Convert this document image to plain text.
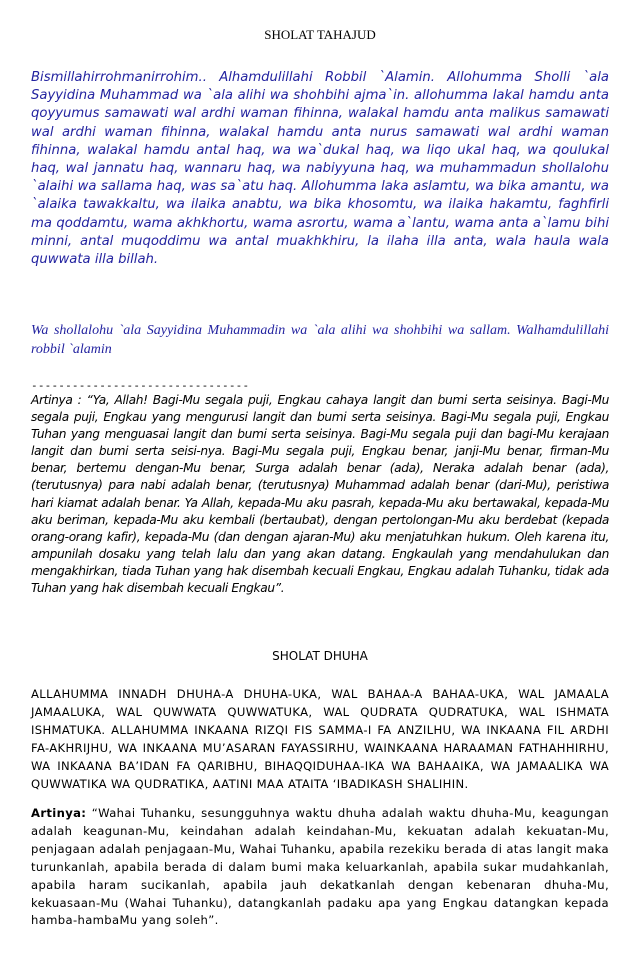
SHOLAT TAHAJUD

Bismillahirrohmanirrohim.. Alhamdulillahi Robbil `Alamin. Allohumma Sholli `ala Sayyidina Muhammad wa `ala alihi wa shohbihi ajma`in. allohumma lakal hamdu anta qoyyumus samawati wal ardhi waman fihinna, walakal hamdu anta malikus samawati wal ardhi waman fihinna, walakal hamdu anta nurus samawati wal ardhi waman fihinna, walakal hamdu antal haq, wa wa`dukal haq, wa liqo ukal haq, wa qoulukal haq, wal jannatu haq, wannaru haq, wa nabiyyuna haq, wa muhammadun shollalohu `alaihi wa sallama haq, was sa`atu haq. Allohumma laka aslamtu, wa bika amantu, wa `alaika tawakkaltu, wa ilaika anabtu, wa bika khosomtu, wa ilaika hakamtu, faghfirli ma qoddamtu, wama akhkhortu, wama asrortu, wama a`lantu, wama anta a`lamu bihi minni, antal muqoddimu wa antal muakhkhiru, la ilaha illa anta, wala haula wala quwwata illa billah.

Wa shollalohu `ala Sayyidina Muhammadin wa `ala alihi wa shohbihi wa sallam. Walhamdulillahi robbil `alamin

--------------------------------

Artinya : “Ya, Allah! Bagi-Mu segala puji, Engkau cahaya langit dan bumi serta seisinya. Bagi-Mu segala puji, Engkau yang mengurusi langit dan bumi serta seisinya. Bagi-Mu segala puji, Engkau Tuhan yang menguasai langit dan bumi serta seisinya. Bagi-Mu segala puji dan bagi-Mu kerajaan langit dan bumi serta seisi-nya. Bagi-Mu segala puji, Engkau benar, janji-Mu benar, firman-Mu benar, bertemu dengan-Mu benar, Surga adalah benar (ada), Neraka adalah benar (ada), (terutusnya) para nabi adalah benar, (terutusnya) Muhammad adalah benar (dari-Mu), peristiwa hari kiamat adalah benar. Ya Allah, kepada-Mu aku pasrah, kepada-Mu aku bertawakal, kepada-Mu aku beriman, kepada-Mu aku kembali (bertaubat), dengan pertolongan-Mu aku berdebat (kepada orang-orang kafir), kepada-Mu (dan dengan ajaran-Mu) aku menjatuhkan hukum. Oleh karena itu, ampunilah dosaku yang telah lalu dan yang akan datang. Engkaulah yang mendahulukan dan mengakhirkan, tiada Tuhan yang hak disembah kecuali Engkau, Engkau adalah Tuhanku, tidak ada Tuhan yang hak disembah kecuali Engkau”.

SHOLAT DHUHA

ALLAHUMMA INNADH DHUHA-A DHUHA-UKA, WAL BAHAA-A BAHAA-UKA, WAL JAMAALA JAMAALUKA, WAL QUWWATA QUWWATUKA, WAL QUDRATA QUDRATUKA, WAL ISHMATA ISHMATUKA. ALLAHUMMA INKAANA RIZQI FIS SAMMA-I FA ANZILHU, WA INKAANA FIL ARDHI FA-AKHRIJHU, WA INKAANA MU’ASARAN FAYASSIRHU, WAINKAANA HARAAMAN FATHAHHIRHU, WA INKAANA BA’IDAN FA QARIBHU, BIHAQQIDUHAA-IKA WA BAHAAIKA, WA JAMAALIKA WA QUWWATIKA WA QUDRATIKA, AATINI MAA ATAITA ‘IBADIKASH SHALIHIN.

Artinya: “Wahai Tuhanku, sesungguhnya waktu dhuha adalah waktu dhuha-Mu, keagungan adalah keagunan-Mu, keindahan adalah keindahan-Mu, kekuatan adalah kekuatan-Mu, penjagaan adalah penjagaan-Mu, Wahai Tuhanku, apabila rezekiku berada di atas langit maka turunkanlah, apabila berada di dalam bumi maka keluarkanlah, apabila sukar mudahkanlah, apabila haram sucikanlah, apabila jauh dekatkanlah dengan kebenaran dhuha-Mu, kekuasaan-Mu (Wahai Tuhanku), datangkanlah padaku apa yang Engkau datangkan kepada hamba-hambaMu yang soleh”.
